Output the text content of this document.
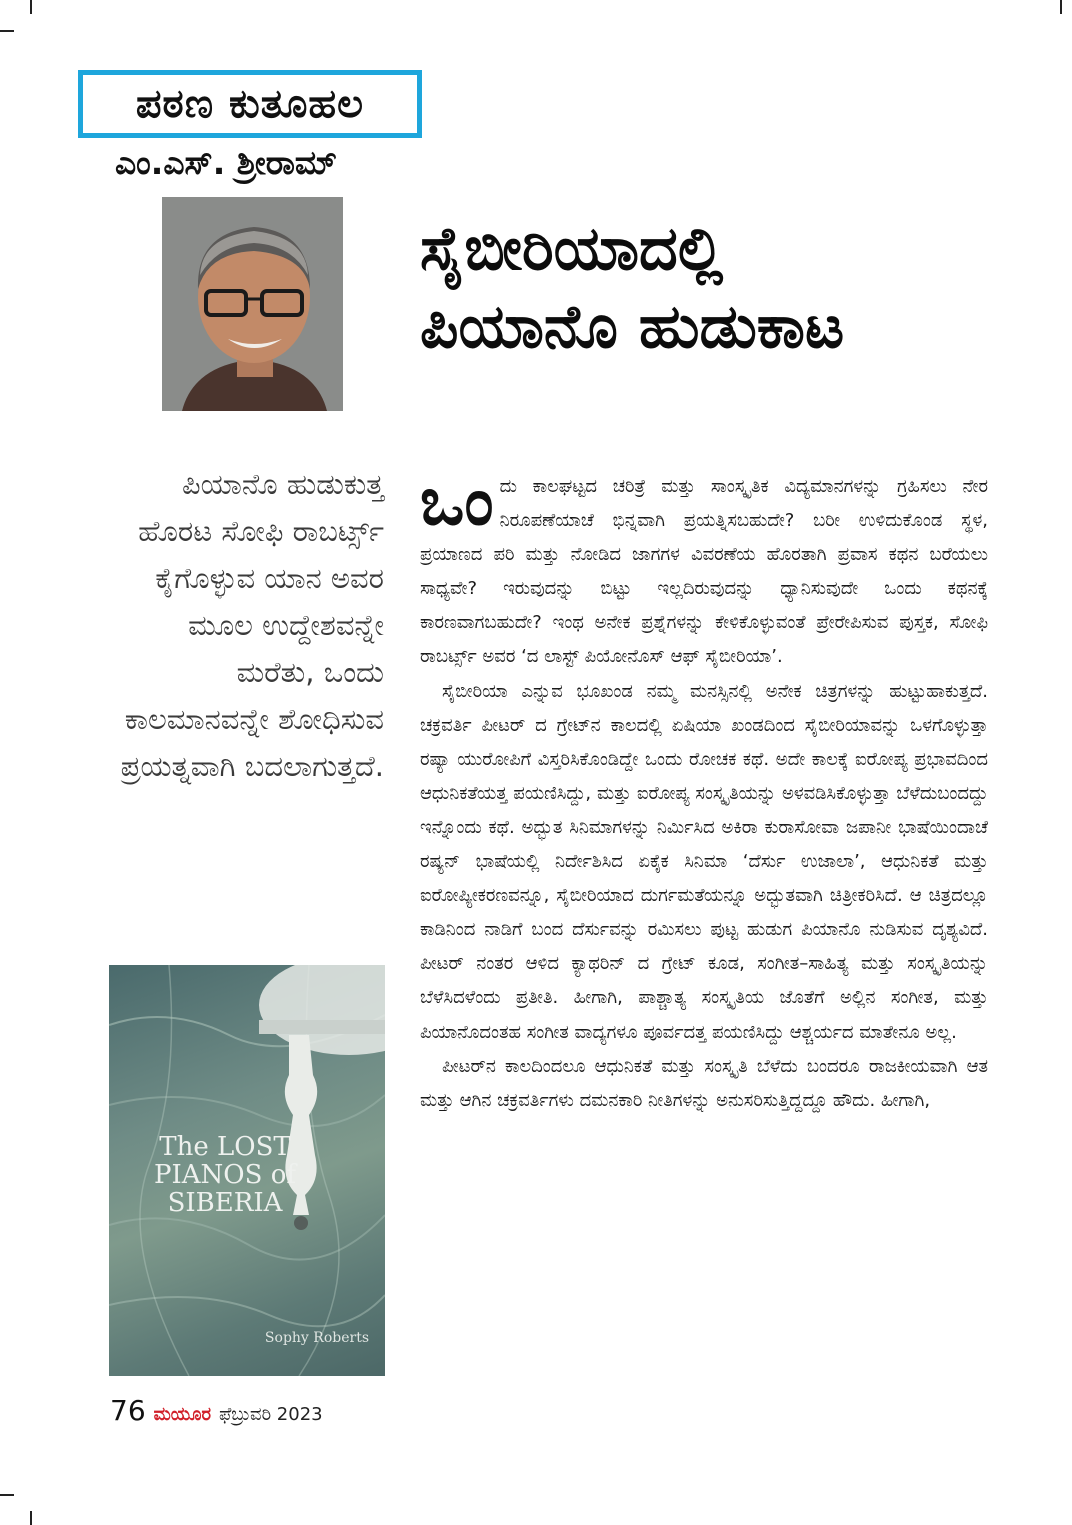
ಪಠಣ ಕುತೂಹಲ
ಎಂ.ಎಸ್. ಶ್ರೀರಾಮ್
ಸೈಬೀರಿಯಾದಲ್ಲಿ
ಪಿಯಾನೊ ಹುಡುಕಾಟ
ಪಿಯಾನೊ ಹುಡುಕುತ್ತ ಹೊರಟ ಸೋಫಿ ರಾಬರ್ಟ್ಸ್ ಕೈಗೊಳ್ಳುವ ಯಾನ ಅವರ ಮೂಲ ಉದ್ದೇಶವನ್ನೇ ಮರೆತು, ಒಂದು ಕಾಲಮಾನವನ್ನೇ ಶೋಧಿಸುವ ಪ್ರಯತ್ನವಾಗಿ ಬದಲಾಗುತ್ತದೆ.
The LOST PIANOS of SIBERIA
Sophy Roberts
76 ಮಯೂರ ಫೆಬ್ರುವರಿ 2023

ಒಂದು ಕಾಲಘಟ್ಟದ ಚರಿತ್ರೆ ಮತ್ತು ಸಾಂಸ್ಕೃತಿಕ ವಿದ್ಯಮಾನಗಳನ್ನು ಗ್ರಹಿಸಲು ನೇರ ನಿರೂಪಣೆಯಾಚೆ ಭಿನ್ನವಾಗಿ ಪ್ರಯತ್ನಿಸಬಹುದೇ? ಬರೀ ಉಳಿದುಕೊಂಡ ಸ್ಥಳ, ಪ್ರಯಾಣದ ಪರಿ ಮತ್ತು ನೋಡಿದ ಜಾಗಗಳ ವಿವರಣೆಯ ಹೊರತಾಗಿ ಪ್ರವಾಸ ಕಥನ ಬರೆಯಲು ಸಾಧ್ಯವೇ? ಇರುವುದನ್ನು ಬಿಟ್ಟು ಇಲ್ಲದಿರುವುದನ್ನು ಧ್ಯಾನಿಸುವುದೇ ಒಂದು ಕಥನಕ್ಕೆ ಕಾರಣವಾಗಬಹುದೇ? ಇಂಥ ಅನೇಕ ಪ್ರಶ್ನೆಗಳನ್ನು ಕೇಳಿಕೊಳ್ಳುವಂತೆ ಪ್ರೇರೇಪಿಸುವ ಪುಸ್ತಕ, ಸೋಫಿ ರಾಬರ್ಟ್ಸ್ ಅವರ ‘ದ ಲಾಸ್ಟ್ ಪಿಯೋನೊಸ್ ಆಫ್ ಸೈಬೀರಿಯಾ’.

ಸೈಬೀರಿಯಾ ಎನ್ನುವ ಭೂಖಂಡ ನಮ್ಮ ಮನಸ್ಸಿನಲ್ಲಿ ಅನೇಕ ಚಿತ್ರಗಳನ್ನು ಹುಟ್ಟುಹಾಕುತ್ತದೆ. ಚಕ್ರವರ್ತಿ ಪೀಟರ್ ದ ಗ್ರೇಟ್‌ನ ಕಾಲದಲ್ಲಿ ಏಷಿಯಾ ಖಂಡದಿಂದ ಸೈಬೀರಿಯಾವನ್ನು ಒಳಗೊಳ್ಳುತ್ತಾ ರಷ್ಯಾ ಯುರೋಪಿಗೆ ವಿಸ್ತರಿಸಿಕೊಂಡಿದ್ದೇ ಒಂದು ರೋಚಕ ಕಥೆ. ಅದೇ ಕಾಲಕ್ಕೆ ಐರೋಪ್ಯ ಪ್ರಭಾವದಿಂದ ಆಧುನಿಕತೆಯತ್ತ ಪಯಣಿಸಿದ್ದು, ಮತ್ತು ಐರೋಪ್ಯ ಸಂಸ್ಕೃತಿಯನ್ನು ಅಳವಡಿಸಿಕೊಳ್ಳುತ್ತಾ ಬೆಳೆದುಬಂದದ್ದು ಇನ್ನೊಂದು ಕಥೆ. ಅದ್ಭುತ ಸಿನಿಮಾಗಳನ್ನು ನಿರ್ಮಿಸಿದ ಅಕಿರಾ ಕುರಾಸೋವಾ ಜಪಾನೀ ಭಾಷೆಯಿಂದಾಚೆ ರಷ್ಯನ್ ಭಾಷೆಯಲ್ಲಿ ನಿರ್ದೇಶಿಸಿದ ಏಕೈಕ ಸಿನಿಮಾ ‘ದೆರ್ಸು ಉಜಾಲಾ’, ಆಧುನಿಕತೆ ಮತ್ತು ಐರೋಪ್ಯೀಕರಣವನ್ನೂ, ಸೈಬೀರಿಯಾದ ದುರ್ಗಮತೆಯನ್ನೂ ಅದ್ಭುತವಾಗಿ ಚಿತ್ರೀಕರಿಸಿದೆ. ಆ ಚಿತ್ರದಲ್ಲೂ ಕಾಡಿನಿಂದ ನಾಡಿಗೆ ಬಂದ ದೆರ್ಸುವನ್ನು ರಮಿಸಲು ಪುಟ್ಟ ಹುಡುಗ ಪಿಯಾನೊ ನುಡಿಸುವ ದೃಶ್ಯವಿದೆ. ಪೀಟರ್ ನಂತರ ಆಳಿದ ಕ್ಯಾಥರಿನ್ ದ ಗ್ರೇಟ್ ಕೂಡ, ಸಂಗೀತ–ಸಾಹಿತ್ಯ ಮತ್ತು ಸಂಸ್ಕೃತಿಯನ್ನು ಬೆಳೆಸಿದಳೆಂದು ಪ್ರತೀತಿ. ಹೀಗಾಗಿ, ಪಾಶ್ಚಾತ್ಯ ಸಂಸ್ಕೃತಿಯ ಜೊತೆಗೆ ಅಲ್ಲಿನ ಸಂಗೀತ, ಮತ್ತು ಪಿಯಾನೊದಂತಹ ಸಂಗೀತ ವಾದ್ಯಗಳೂ ಪೂರ್ವದತ್ತ ಪಯಣಿಸಿದ್ದು ಆಶ್ಚರ್ಯದ ಮಾತೇನೂ ಅಲ್ಲ.

ಪೀಟರ್‌ನ ಕಾಲದಿಂದಲೂ ಆಧುನಿಕತೆ ಮತ್ತು ಸಂಸ್ಕೃತಿ ಬೆಳೆದು ಬಂದರೂ ರಾಜಕೀಯವಾಗಿ ಆತ ಮತ್ತು ಆಗಿನ ಚಕ್ರವರ್ತಿಗಳು ದಮನಕಾರಿ ನೀತಿಗಳನ್ನು ಅನುಸರಿಸುತ್ತಿದ್ದದ್ದೂ ಹೌದು. ಹೀಗಾಗಿ,
